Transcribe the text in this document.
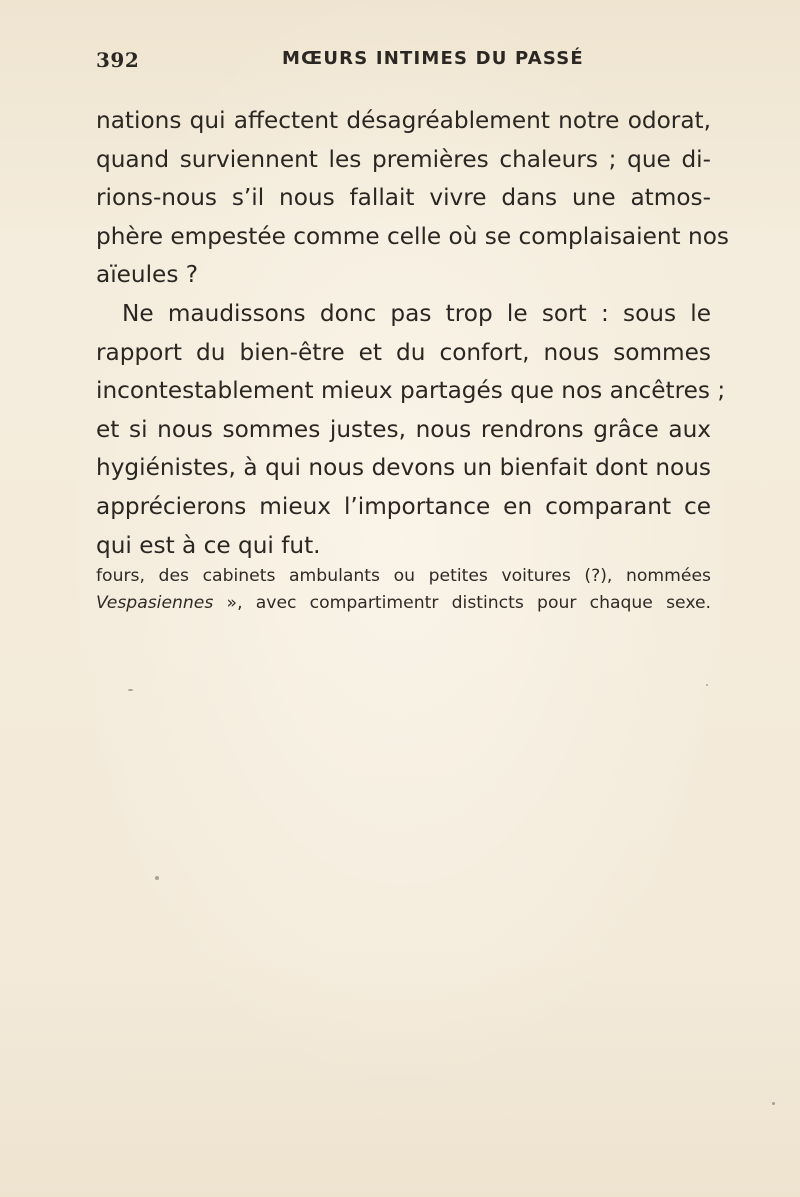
392	MŒURS INTIMES DU PASSÉ
nations qui affectent désagréablement notre odorat,
quand surviennent les premières chaleurs ; que di-
rions-nous s’il nous fallait vivre dans une atmos-
phère empestée comme celle où se complaisaient nos
aïeules ?
Ne maudissons donc pas trop le sort : sous le
rapport du bien-être et du confort, nous sommes
incontestablement mieux partagés que nos ancêtres ;
et si nous sommes justes, nous rendrons grâce aux
hygiénistes, à qui nous devons un bienfait dont nous
apprécierons mieux l’importance en comparant ce
qui est à ce qui fut.
fours, des cabinets ambulants ou petites voitures (?), nommées
Vespasiennes », avec compartimentr distincts pour chaque sexe.
